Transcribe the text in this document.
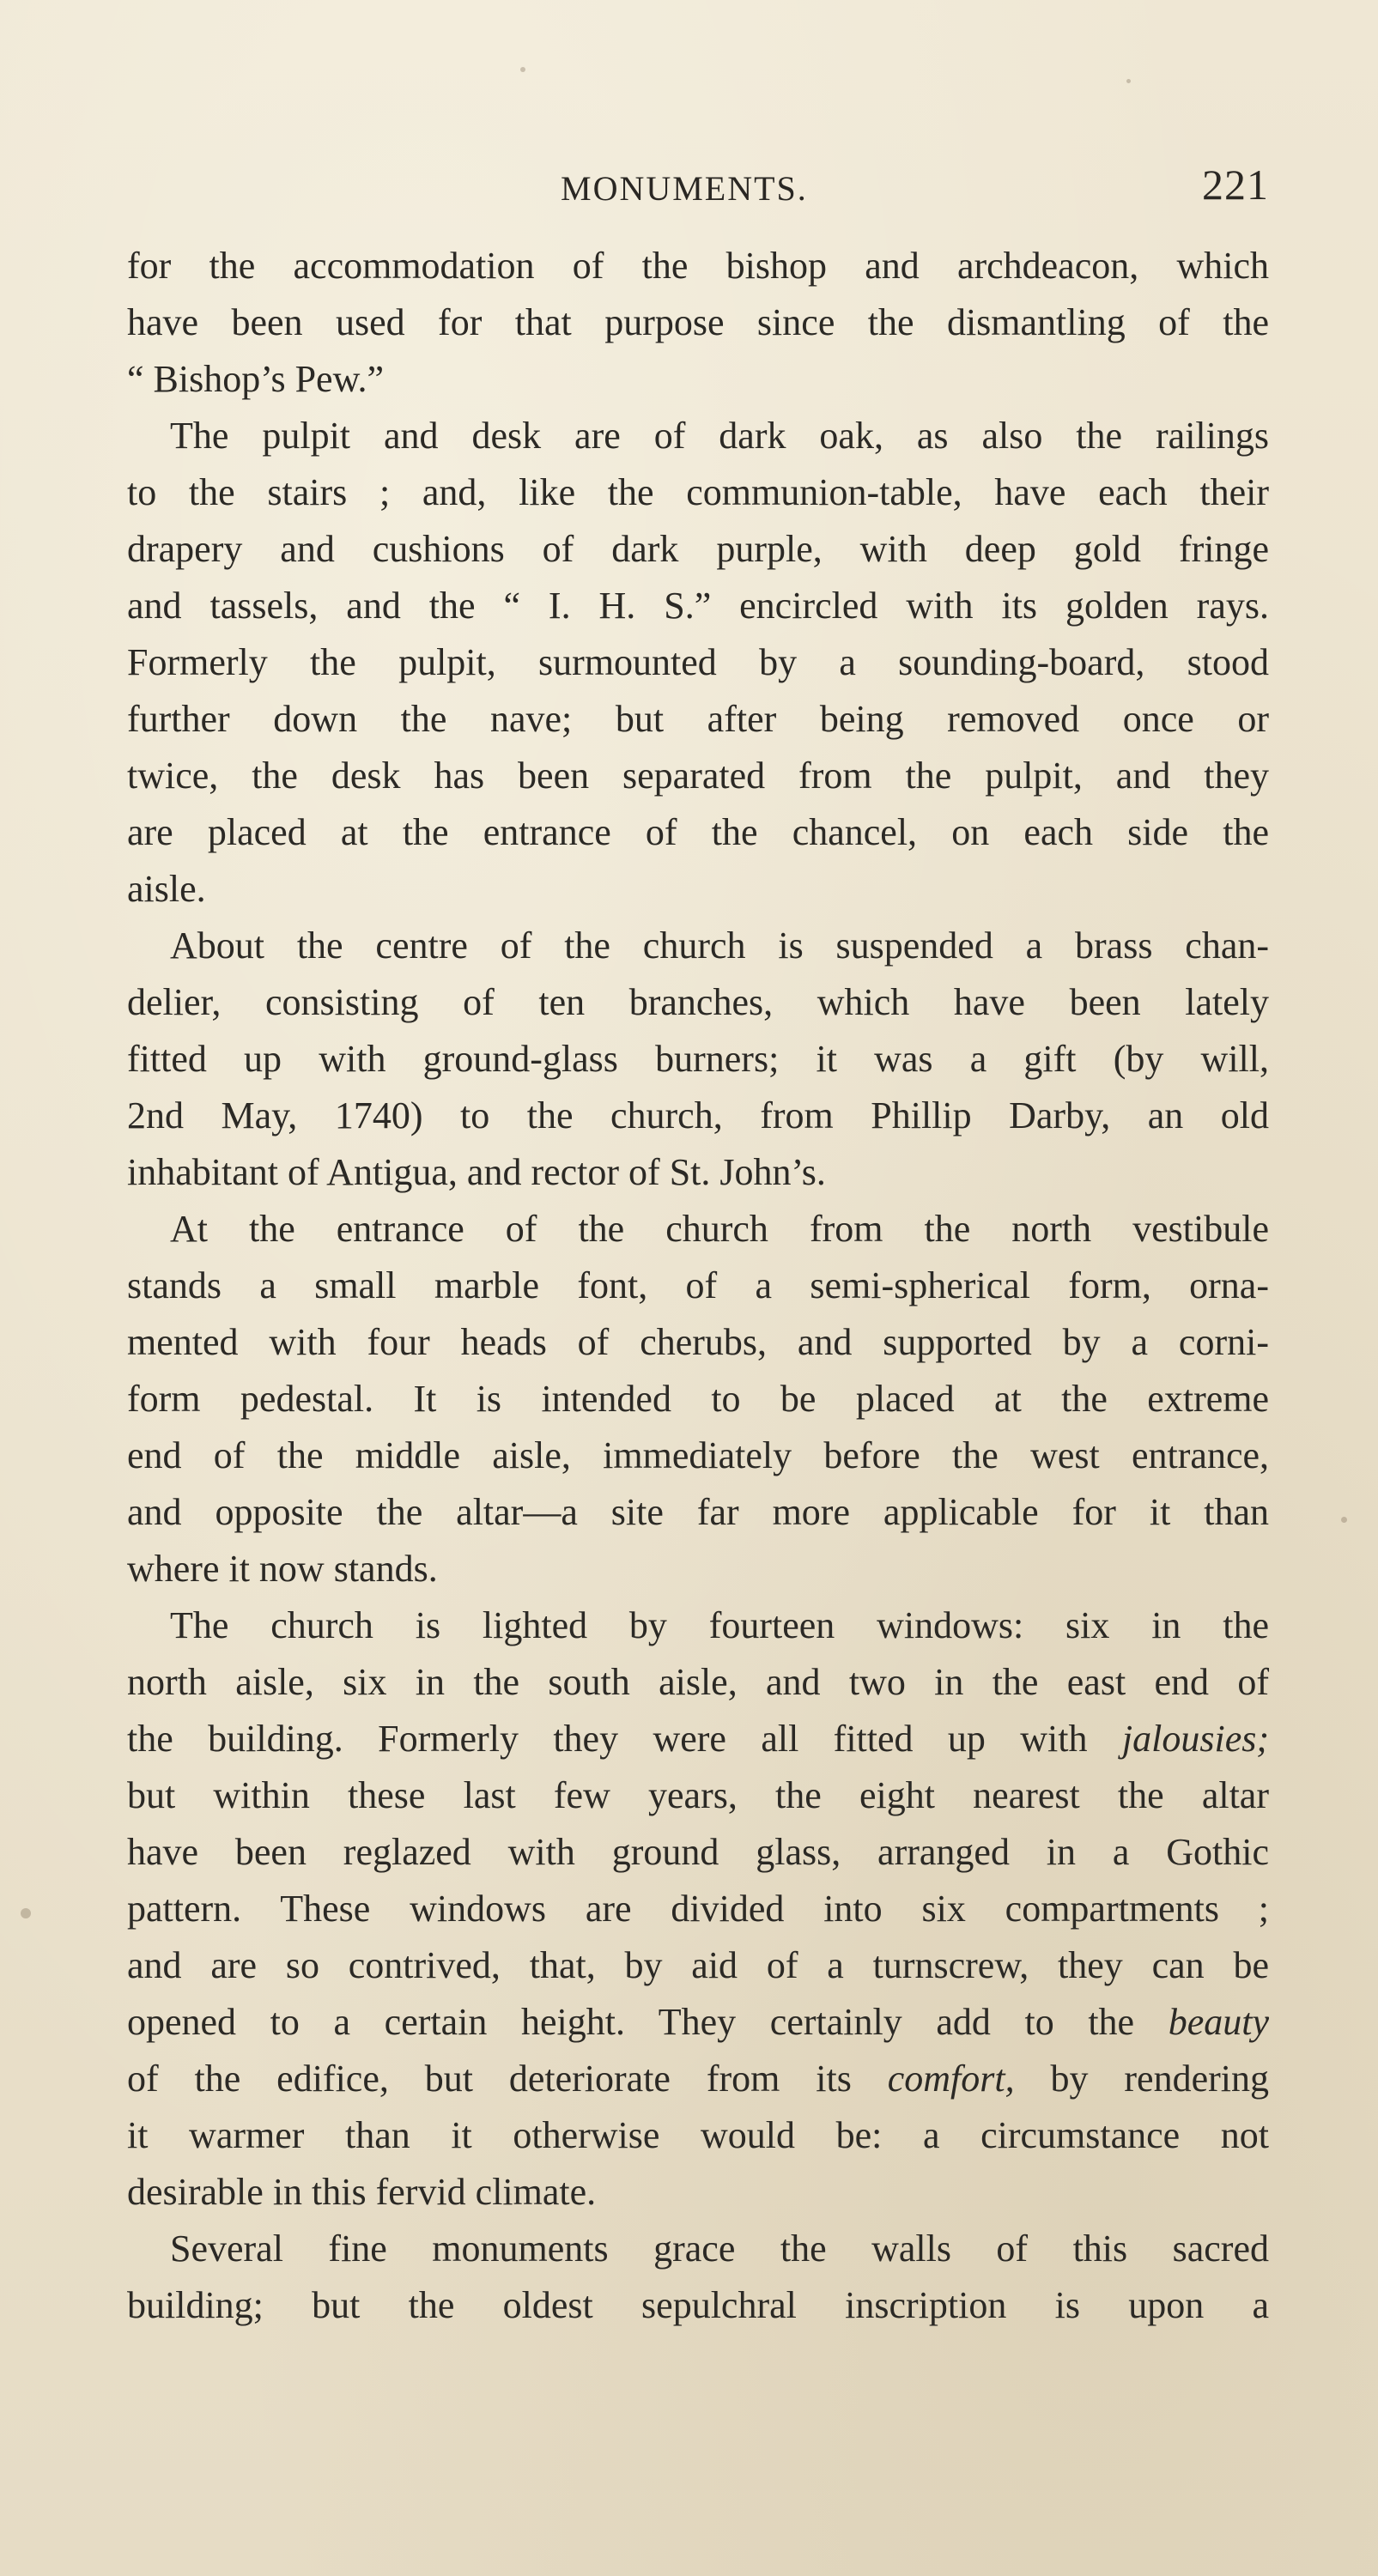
MONUMENTS.	221
for the accommodation of the bishop and archdeacon, which
have been used for that purpose since the dismantling of the
“ Bishop’s Pew.”
The pulpit and desk are of dark oak, as also the railings
to the stairs ; and, like the communion-table, have each their
drapery and cushions of dark purple, with deep gold fringe
and tassels, and the “ I. H. S.” encircled with its golden rays.
Formerly the pulpit, surmounted by a sounding-board, stood
further down the nave; but after being removed once or
twice, the desk has been separated from the pulpit, and they
are placed at the entrance of the chancel, on each side the
aisle.
About the centre of the church is suspended a brass chan-
delier, consisting of ten branches, which have been lately
fitted up with ground-glass burners; it was a gift (by will,
2nd May, 1740) to the church, from Phillip Darby, an old
inhabitant of Antigua, and rector of St. John’s.
At the entrance of the church from the north vestibule
stands a small marble font, of a semi-spherical form, orna-
mented with four heads of cherubs, and supported by a corni-
form pedestal. It is intended to be placed at the extreme
end of the middle aisle, immediately before the west entrance,
and opposite the altar—a site far more applicable for it than
where it now stands.
The church is lighted by fourteen windows: six in the
north aisle, six in the south aisle, and two in the east end of
the building. Formerly they were all fitted up with jalousies;
but within these last few years, the eight nearest the altar
have been reglazed with ground glass, arranged in a Gothic
pattern. These windows are divided into six compartments ;
and are so contrived, that, by aid of a turnscrew, they can be
opened to a certain height. They certainly add to the beauty
of the edifice, but deteriorate from its comfort, by rendering
it warmer than it otherwise would be: a circumstance not
desirable in this fervid climate.
Several fine monuments grace the walls of this sacred
building; but the oldest sepulchral inscription is upon a
